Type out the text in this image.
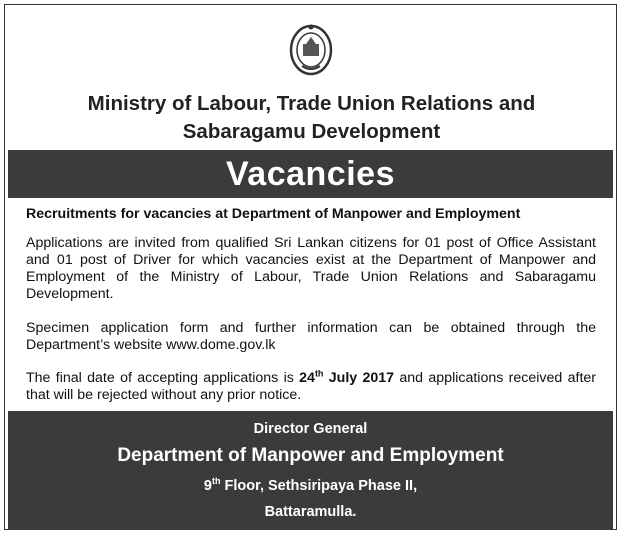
Ministry of Labour, Trade Union Relations and
Sabaragamu Development
Vacancies
Recruitments for vacancies at Department of Manpower and Employment
Applications are invited from qualified Sri Lankan citizens for 01 post of Office Assistant and 01 post of Driver for which vacancies exist at the Department of Manpower and Employment of the Ministry of Labour, Trade Union Relations and Sabaragamu Development.
Specimen application form and further information can be obtained through the Department’s website www.dome.gov.lk
The final date of accepting applications is 24th July 2017 and applications received after that will be rejected without any prior notice.
Director General
Department of Manpower and Employment
9th Floor, Sethsiripaya Phase II,
Battaramulla.
